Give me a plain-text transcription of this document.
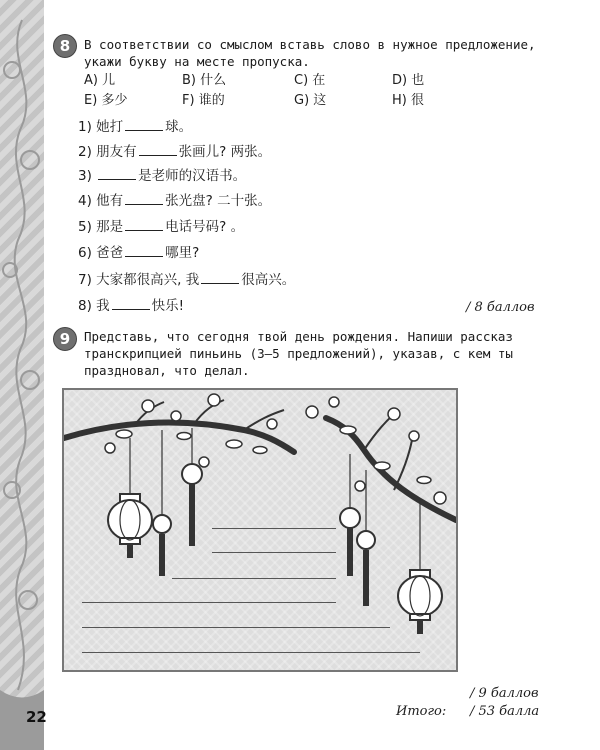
22
8	В соответствии со смыслом вставь слово в нужное предложение,
укажи букву на месте пропуска.
A) 儿	B) 什么	C) 在	D) 也
E) 多少	F) 谁的	G) 这	H) 很
1) 她打	球。
2) 朋友有	张画儿? 两张。
3)	是老师的汉语书。
4) 他有	张光盘? 二十张。
5) 那是	电话号码? 。
6) 爸爸	哪里?
7) 大家都很高兴, 我	很高兴。
8) 我	快乐!	/ 8 баллов
9	Представь, что сегодня твой день рождения. Напиши рассказ
транскрипцией пиньинь (3—5 предложений), указав, с кем ты
праздновал, что делал.
/ 9 баллов
Итого: / 53 балла
